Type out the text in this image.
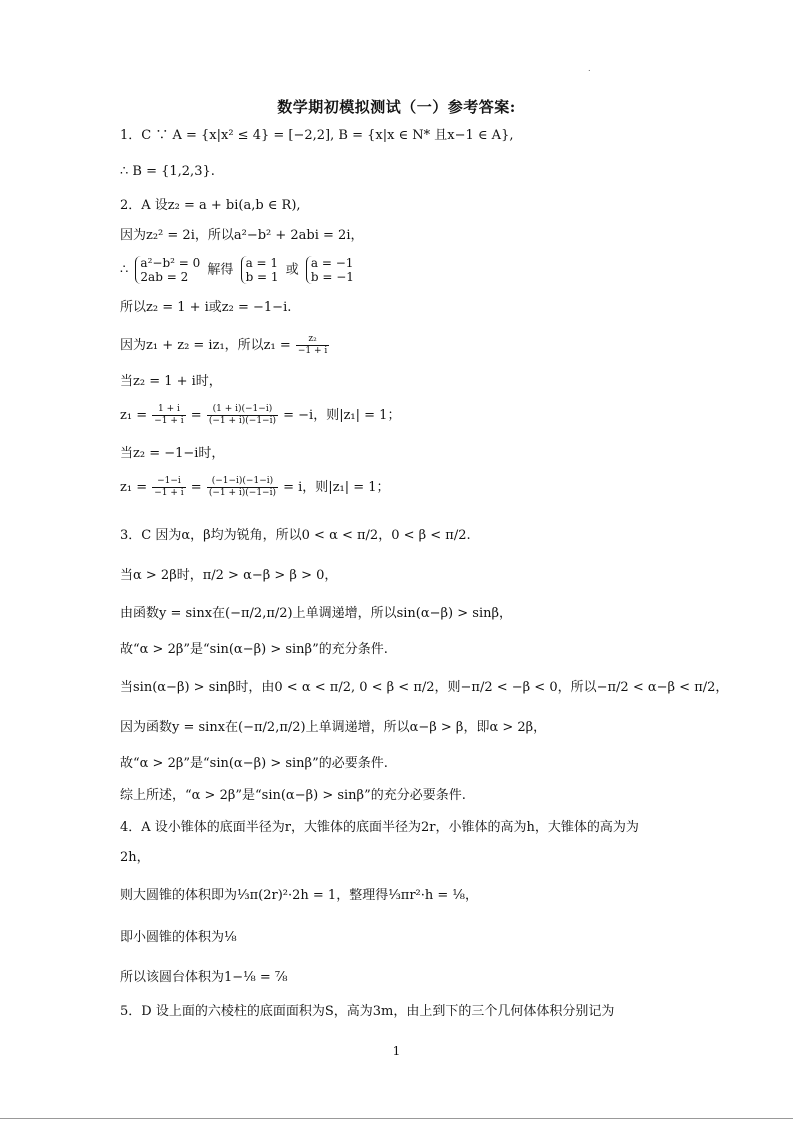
.
数学期初模拟测试（一）参考答案:
1．C ∵ A = {x|x² ≤ 4} = [−2,2], B = {x|x ∈ N* 且x−1 ∈ A},
∴ B = {1,2,3}.
2．A 设z₂ = a + bi(a,b ∈ R),
因为z₂² = 2i，所以a²−b² + 2abi = 2i，
∴ a²−b² = 0
2ab = 2	解得 a = 1
b = 1 或 a = −1
b = −1
所以z₂ = 1 + i或z₂ = −1−i.
因为z₁ + z₂ = iz₁，所以$z_1 = \frac{\text{z₂}}{-1 + i}$
当z₂ = 1 + i时，
$z_1 = \frac{1 + i}{-1 + i} = \frac{(1 + i)(-1-i)}{(-1 + i)(-1-i)} = -i$，则|z₁| = 1；
当z₂ = −1−i时，
$z_1 = \frac{-1-i}{-1 + i} = \frac{(-1-i)(-1-i)}{(-1 + i)(-1-i)} = i$，则|z₁| = 1；
3．C 因为α，β均为锐角，所以0 < α < π/2，0 < β < π/2.
当α > 2β时，π/2 > α−β > β > 0，
由函数y = sinx在(−π/2,π/2)上单调递增，所以sin(α−β) > sinβ，
故“α > 2β”是“sin(α−β) > sinβ”的充分条件.
当sin(α−β) > sinβ时，由0 < α < π/2, 0 < β < π/2，则−π/2 < −β < 0，所以−π/2 < α−β < π/2，
因为函数y = sinx在(−π/2,π/2)上单调递增，所以α−β > β，即α > 2β，
故“α > 2β”是“sin(α−β) > sinβ”的必要条件.
综上所述，“α > 2β”是“sin(α−β) > sinβ”的充分必要条件.
4．A 设小锥体的底面半径为r，大锥体的底面半径为2r，小锥体的高为h，大锥体的高为为
2h，
则大圆锥的体积即为⅓π(2r)²·2h = 1，整理得⅓πr²·h = ⅛，
即小圆锥的体积为⅛
所以该圆台体积为1−⅛ = ⅞
5．D 设上面的六棱柱的底面面积为S，高为3m，由上到下的三个几何体体积分别记为
1
